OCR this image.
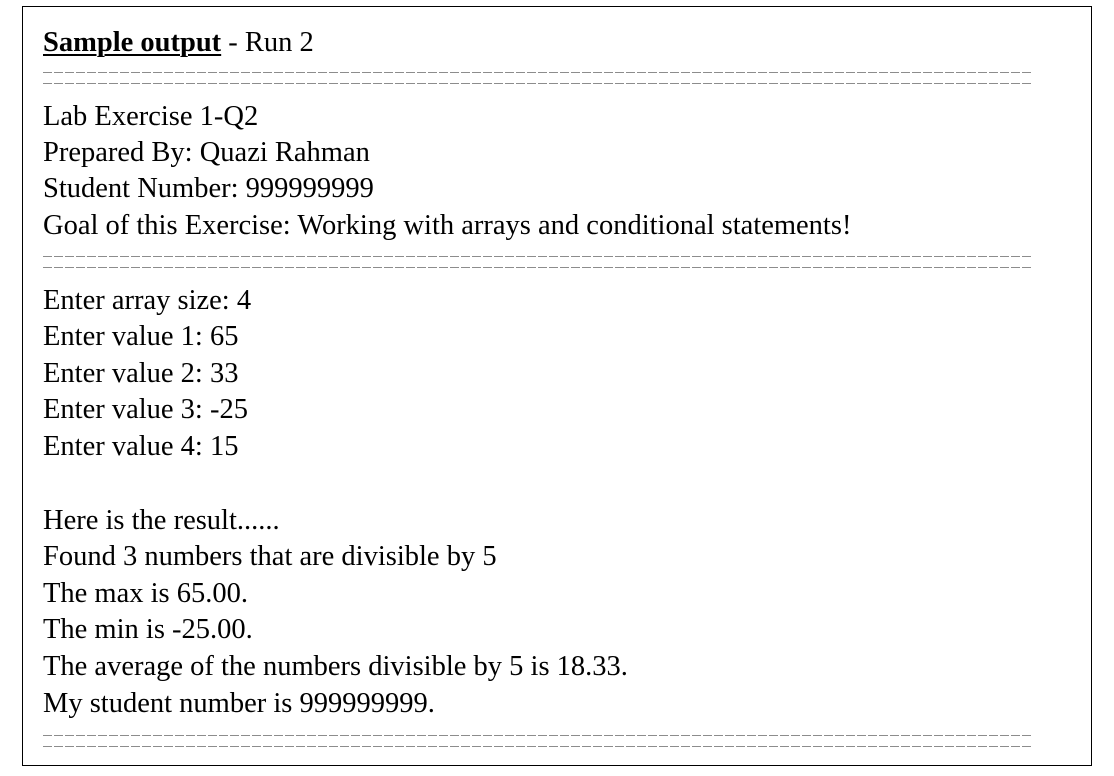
Sample output - Run 2
Lab Exercise 1-Q2
Prepared By: Quazi Rahman
Student Number: 999999999
Goal of this Exercise: Working with arrays and conditional statements!
Enter array size: 4
Enter value 1: 65
Enter value 2: 33
Enter value 3: -25
Enter value 4: 15
Here is the result......
Found 3 numbers that are divisible by 5
The max is 65.00.
The min is -25.00.
The average of the numbers divisible by 5 is 18.33.
My student number is 999999999.
